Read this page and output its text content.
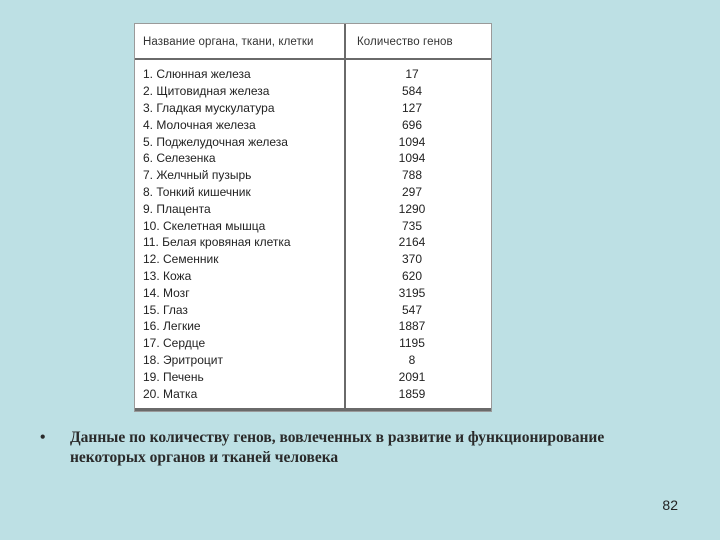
Название органа, ткани, клетки	Количество генов
1. Слюнная железа	17
2. Щитовидная железа	584
3. Гладкая мускулатура	127
4. Молочная железа	696
5. Поджелудочная железа	1094
6. Селезенка	1094
7. Желчный пузырь	788
8. Тонкий кишечник	297
9. Плацента	1290
10. Скелетная мышца	735
11. Белая кровяная клетка	2164
12. Семенник	370
13. Кожа	620
14. Мозг	3195
15. Глаз	547
16. Легкие	1887
17. Сердце	1195
18. Эритроцит	8
19. Печень	2091
20. Матка	1859
• Данные по количеству генов, вовлеченных в развитие и функционирование некоторых органов и тканей человека
82
